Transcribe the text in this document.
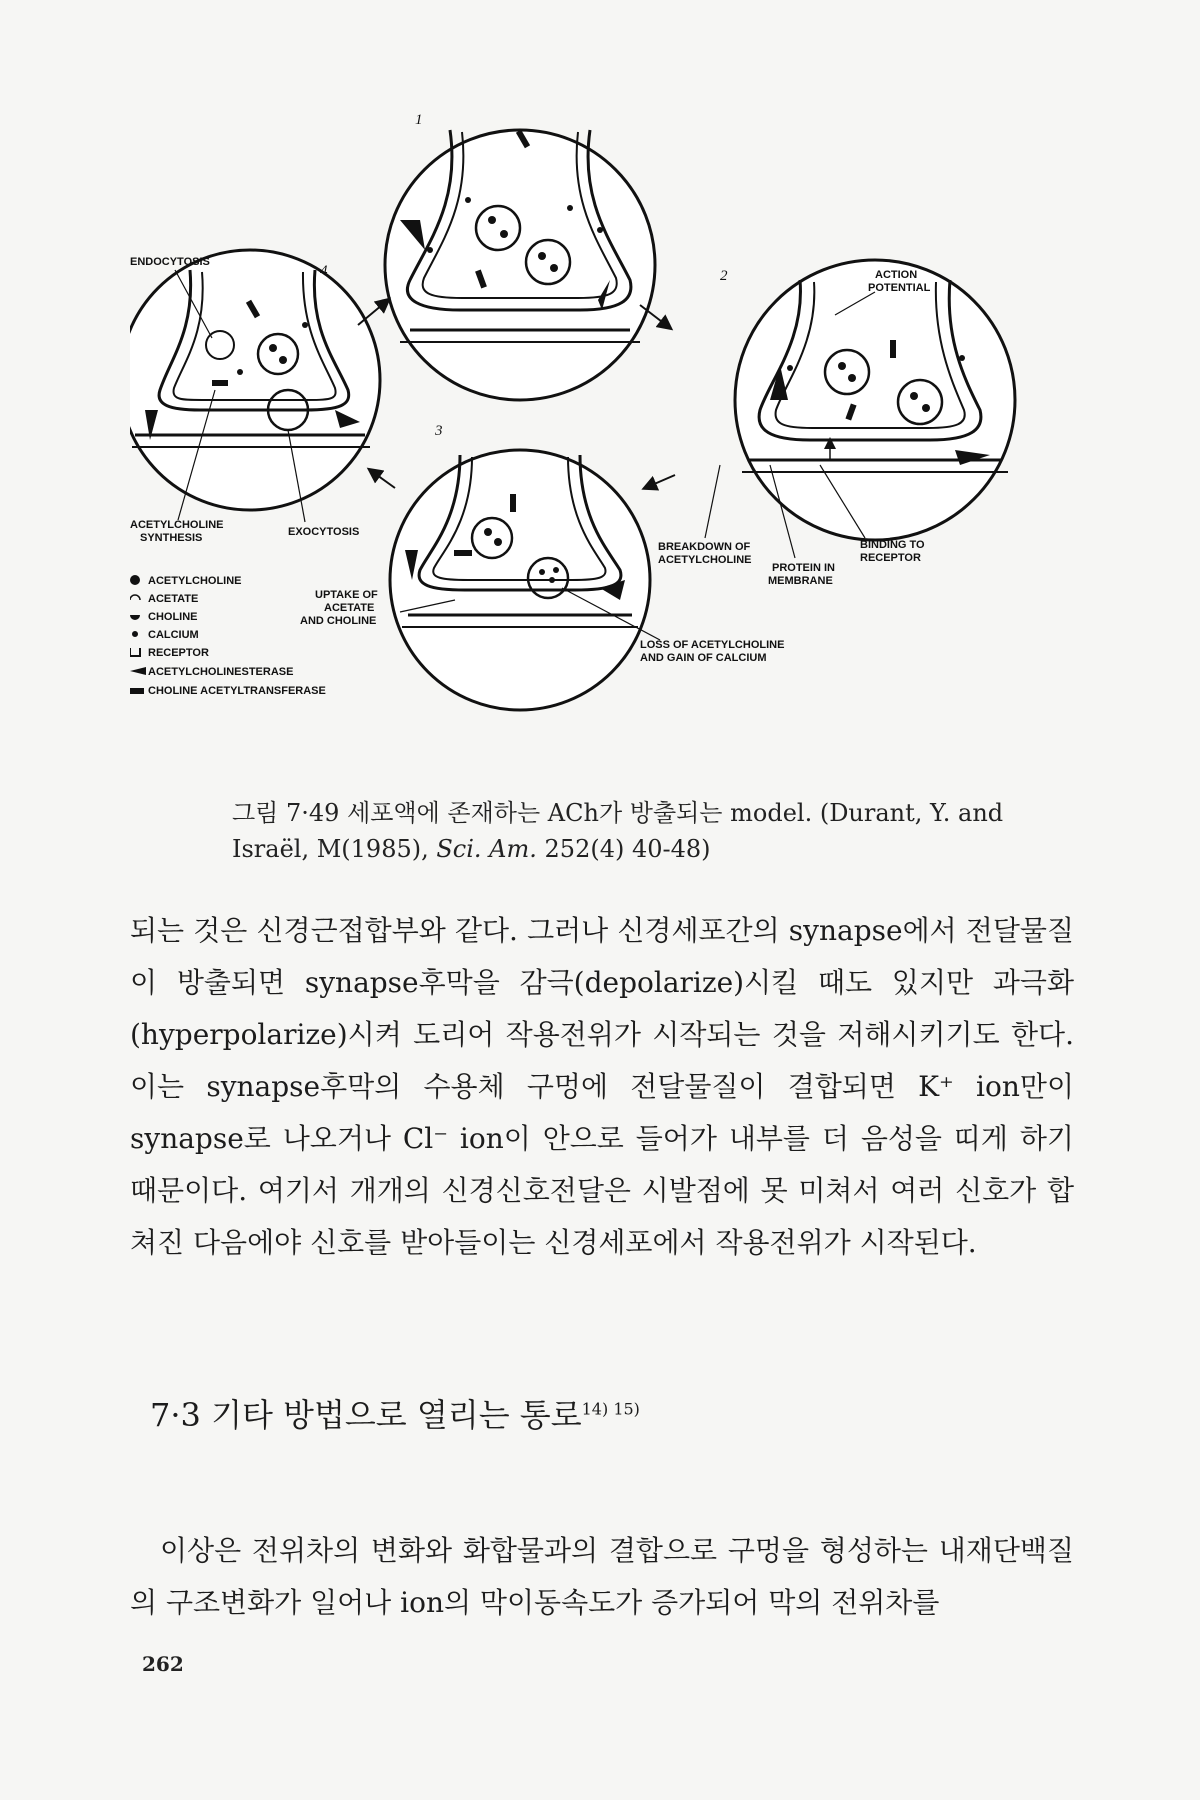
1
2
3
4
ENDOCYTOSIS
ACTION
POTENTIAL
ACETYLCHOLINE
SYNTHESIS	EXOCYTOSIS
BREAKDOWN OF
ACETYLCHOLINE
BINDING TO
RECEPTOR
PROTEIN IN
MEMBRANE
UPTAKE OF
ACETATE
AND CHOLINE
LOSS OF ACETYLCHOLINE
AND GAIN OF CALCIUM
ACETYLCHOLINE
ACETATE
CHOLINE
CALCIUM
RECEPTOR
ACETYLCHOLINESTERASE
CHOLINE ACETYLTRANSFERASE
그림 7·49 세포액에 존재하는 ACh가 방출되는 model. (Durant, Y. and
Israël, M(1985), Sci. Am. 252(4) 40-48)

되는 것은 신경근접합부와 같다. 그러나 신경세포간의 synapse에서 전달물질이 방출되면 synapse후막을 감극(depolarize)시킬 때도 있지만 과극화(hyperpolarize)시켜 도리어 작용전위가 시작되는 것을 저해시키기도 한다. 이는 synapse후막의 수용체 구멍에 전달물질이 결합되면 K⁺ ion만이 synapse로 나오거나 Cl⁻ ion이 안으로 들어가 내부를 더 음성을 띠게 하기 때문이다. 여기서 개개의 신경신호전달은 시발점에 못 미쳐서 여러 신호가 합쳐진 다음에야 신호를 받아들이는 신경세포에서 작용전위가 시작된다.

7·3 기타 방법으로 열리는 통로$^{14) 15)}$

이상은 전위차의 변화와 화합물과의 결합으로 구멍을 형성하는 내재단백질의 구조변화가 일어나 ion의 막이동속도가 증가되어 막의 전위차를

262
